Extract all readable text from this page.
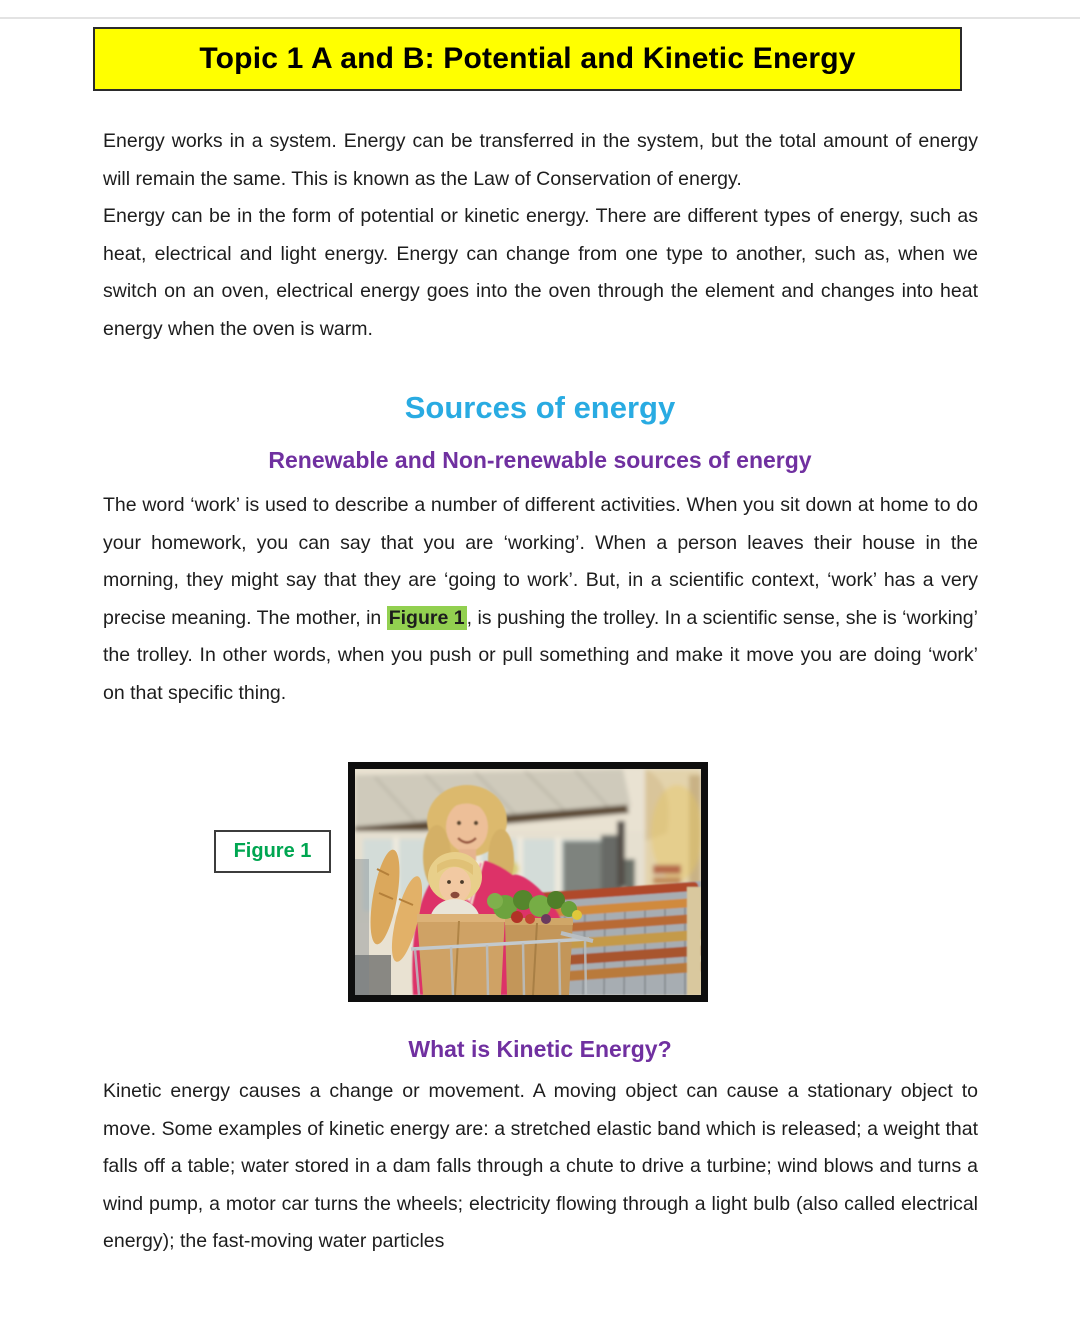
Topic 1 A and B: Potential and Kinetic Energy

Energy works in a system. Energy can be transferred in the system, but the total amount of energy will remain the same. This is known as the Law of Conservation of energy.

Energy can be in the form of potential or kinetic energy. There are different types of energy, such as heat, electrical and light energy. Energy can change from one type to another, such as, when we switch on an oven, electrical energy goes into the oven through the element and changes into heat energy when the oven is warm.

Sources of energy
Renewable and Non-renewable sources of energy

The word ‘work’ is used to describe a number of different activities. When you sit down at home to do your homework, you can say that you are ‘working’. When a person leaves their house in the morning, they might say that they are ‘going to work’. But, in a scientific context, ‘work’ has a very precise meaning. The mother, in Figure 1 , is pushing the trolley. In a scientific sense, she is ‘working’ the trolley. In other words, when you push or pull something and make it move you are doing ‘work’ on that specific thing.

Figure 1
What is Kinetic Energy?

Kinetic energy causes a change or movement. A moving object can cause a stationary object to move. Some examples of kinetic energy are: a stretched elastic band which is released; a weight that falls off a table; water stored in a dam falls through a chute to drive a turbine; wind blows and turns a wind pump, a motor car turns the wheels; electricity flowing through a light bulb (also called electrical energy); the fast-moving water particles
